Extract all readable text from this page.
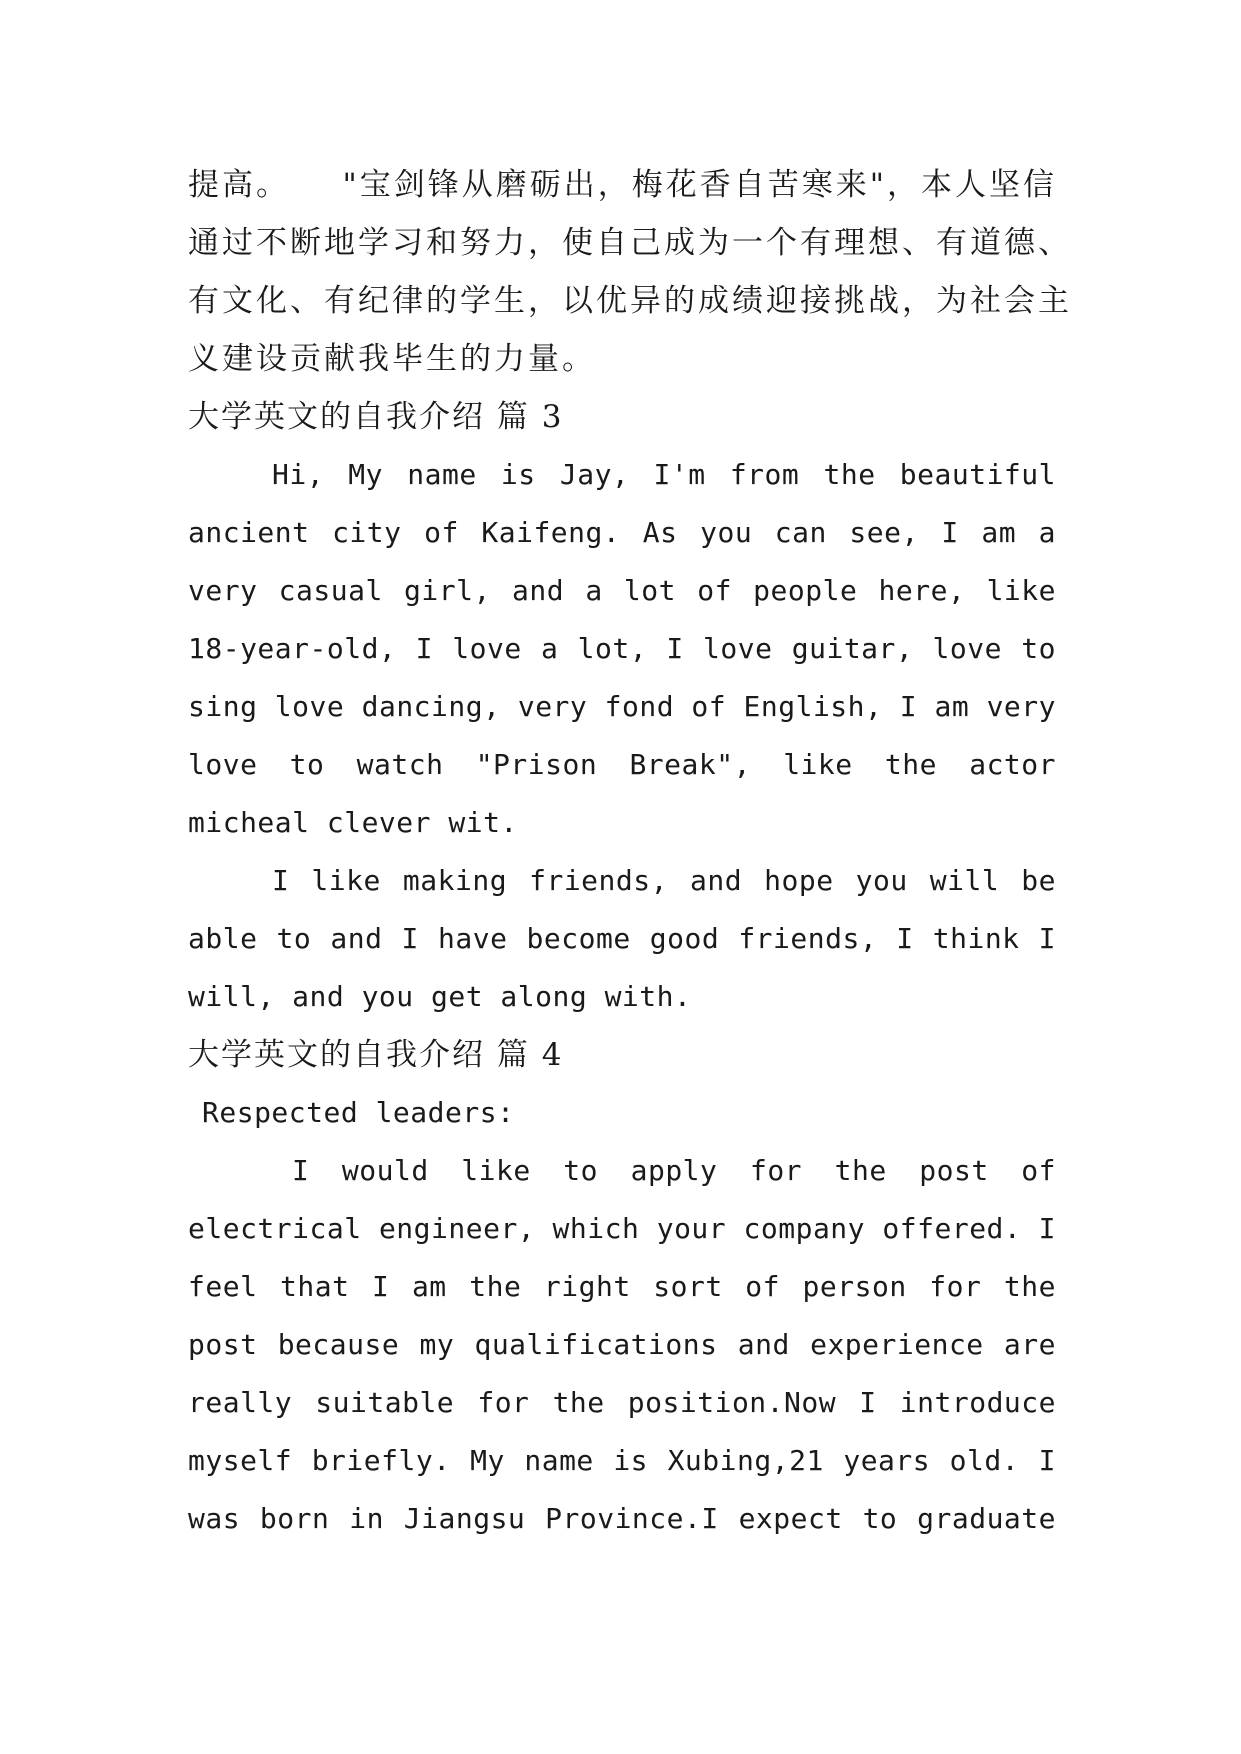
提高。　　"宝剑锋从磨砺出，梅花香自苦寒来"，本人坚信
通过不断地学习和努力，使自己成为一个有理想、有道德、
有文化、有纪律的学生，以优异的成绩迎接挑战，为社会主
义建设贡献我毕生的力量。
大学英文的自我介绍 篇 3
Hi, My name is Jay, I'm from the beautiful
ancient city of Kaifeng. As you can see, I am a
very casual girl, and a lot of people here, like
18-year-old, I love a lot, I love guitar, love to
sing love dancing, very fond of English, I am very
love to watch "Prison Break", like the actor
micheal clever wit.
I like making friends, and hope you will be
able to and I have become good friends, I think I
will, and you get along with.
大学英文的自我介绍 篇 4
Respected leaders:
I would like to apply for the post of
electrical engineer, which your company offered. I
feel that I am the right sort of person for the
post because my qualifications and experience are
really suitable for the position.Now I introduce
myself briefly. My name is Xubing,21 years old. I
was born in Jiangsu Province.I expect to graduate
